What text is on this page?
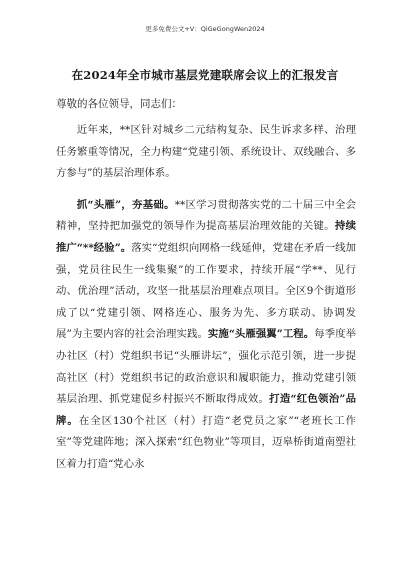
更多免费公文+V：QiGeGongWen2024
在2024年全市城市基层党建联席会议上的汇报发言
尊敬的各位领导，同志们：

近年来，**区针对城乡二元结构复杂、民生诉求多样、治理任务繁重等情况，全力构建“党建引领、系统设计、双线融合、多方参与”的基层治理体系。

抓“头雁”，夯基础。**区学习贯彻落实党的二十届三中全会精神，坚持把加强党的领导作为提高基层治理效能的关键。持续推广“**经验”。落实“党组织向网格一线延伸，党建在矛盾一线加强，党员往民生一线集聚”的工作要求，持续开展“学**、见行动、优治理”活动，攻坚一批基层治理难点项目。全区9个街道形成了以“党建引领、网格连心、服务为先、多方联动、协调发展”为主要内容的社会治理实践。实施“头雁强翼”工程。每季度举办社区（村）党组织书记“头雁讲坛”，强化示范引领，进一步提高社区（村）党组织书记的政治意识和履职能力，推动党建引领基层治理、抓党建促乡村振兴不断取得成效。打造“红色领治”品牌。在全区130个社区（村）打造“老党员之家”“老班长工作室”等党建阵地；深入探索“红色物业”等项目，迈皋桥街道南塑社区着力打造“党心永
